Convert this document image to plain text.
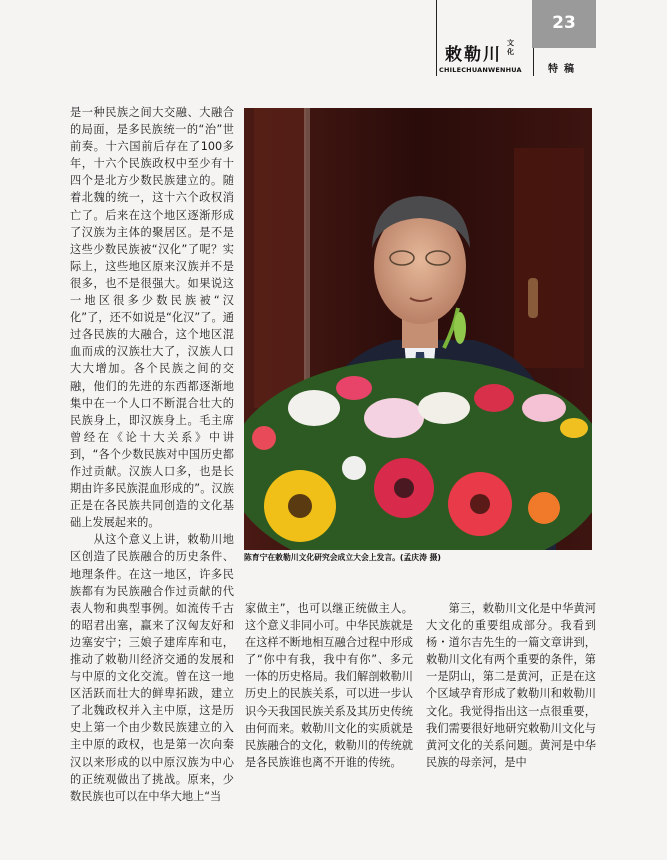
敕勒川
文化
CHILECHUANWENHUA
23
特稿
是一种民族之间大交融、大融合的局面，是多民族统一的“治”世前奏。十六国前后存在了100多年，十六个民族政权中至少有十四个是北方少数民族建立的。随着北魏的统一，这十六个政权消亡了。后来在这个地区逐渐形成了汉族为主体的聚居区。是不是这些少数民族被“汉化”了呢？实际上，这些地区原来汉族并不是很多，也不是很强大。如果说这一地区很多少数民族被“汉化”了，还不如说是“化汉”了。通过各民族的大融合，这个地区混血而成的汉族壮大了，汉族人口大大增加。各个民族之间的交融，他们的先进的东西都逐渐地集中在一个人口不断混合壮大的民族身上，即汉族身上。毛主席曾经在《论十大关系》中讲到，“各个少数民族对中国历史都作过贡献。汉族人口多，也是长期由许多民族混血形成的”。汉族正是在各民族共同创造的文化基础上发展起来的。
　　从这个意义上讲，敕勒川地区创造了民族融合的历史条件、地理条件。在这一地区，许多民族都有为民族融合作过贡献的代表人物和典型事例。如流传千古的昭君出塞，赢来了汉匈友好和边塞安宁；三娘子建库库和屯，推动了敕勒川经济交通的发展和与中原的文化交流。曾在这一地区活跃而壮大的鲜卑拓跋，建立了北魏政权并入主中原，这是历史上第一个由少数民族建立的入主中原的政权，也是第一次向秦汉以来形成的以中原汉族为中心的正统观做出了挑战。原来，少数民族也可以在中华大地上“当
陈育宁在敕勒川文化研究会成立大会上发言。(孟庆涛 摄)
家做主”，也可以继正统做主人。这个意义非同小可。中华民族就是在这样不断地相互融合过程中形成了“你中有我，我中有你”、多元一体的历史格局。我们解剖敕勒川历史上的民族关系，可以进一步认识今天我国民族关系及其历史传统由何而来。敕勒川文化的实质就是民族融合的文化，敕勒川的传统就是各民族谁也离不开谁的传统。
　　第三，敕勒川文化是中华黄河大文化的重要组成部分。我看到杨・道尔吉先生的一篇文章讲到，敕勒川文化有两个重要的条件，第一是阴山，第二是黄河，正是在这个区域孕育形成了敕勒川和敕勒川文化。我觉得指出这一点很重要，我们需要很好地研究敕勒川文化与黄河文化的关系问题。黄河是中华民族的母亲河，是中
